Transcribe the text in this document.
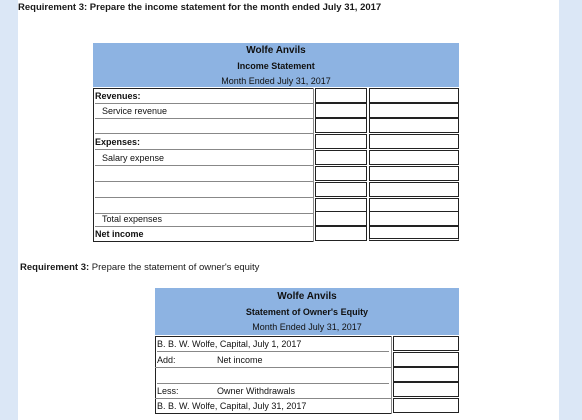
Requirement 3: Prepare the income statement for the month ended July 31, 2017
Wolfe Anvils
Income Statement
Month Ended July 31, 2017
Revenues:
Service revenue
Expenses:
Salary expense
Total expenses
Net income
Requirement 3: Prepare the statement of owner's equity
Wolfe Anvils
Statement of Owner's Equity
Month Ended July 31, 2017
B. B. W. Wolfe, Capital, July 1, 2017
Add:	Net income
Less:	Owner Withdrawals
B. B. W. Wolfe, Capital, July 31, 2017
